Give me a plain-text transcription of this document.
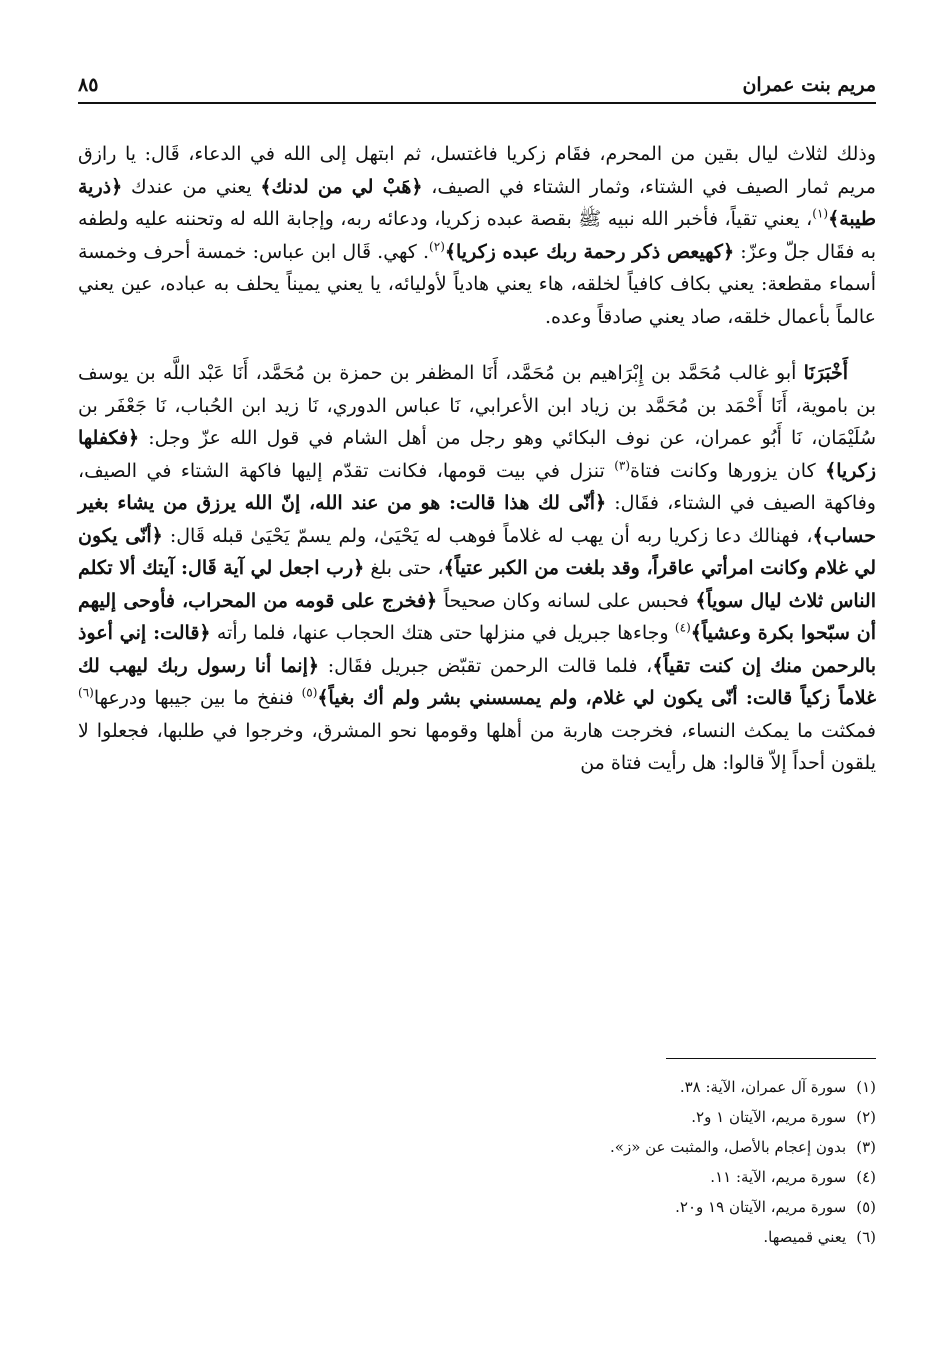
مريم بنت عمران
٨٥

وذلك لثلاث ليال بقين من المحرم، فقَام زكريا فاغتسل، ثم ابتهل إلى الله في الدعاء، قَال: يا رازق مريم ثمار الصيف في الشتاء، وثمار الشتاء في الصيف، ﴿هَبْ لي من لدنك﴾ يعني من عندك ﴿ذرية طيبة﴾$^{(١)}$، يعني تقياً، فأخبر الله نبيه ﷺ بقصة عبده زكريا، ودعائه ربه، وإجابة الله له وتحننه عليه ولطفه به فقَال جلّ وعزّ: ﴿كهيعص ذكر رحمة ربك عبده زكريا﴾$^{(٢)}$. كهي. قَال ابن عباس: خمسة أحرف وخمسة أسماء مقطعة: يعني بكاف كافياً لخلقه، هاء يعني هادياً لأوليائه، يا يعني يميناً يحلف به عباده، عين يعني عالماً بأعمال خلقه، صاد يعني صادقاً وعده.

أَخْبَرَنَا أبو غالب مُحَمَّد بن إِبْرَاهيم بن مُحَمَّد، أَنَا المظفر بن حمزة بن مُحَمَّد، أَنَا عَبْد اللَّه بن يوسف بن باموية، أَنَا أَحْمَد بن مُحَمَّد بن زياد ابن الأعرابي، نَا عباس الدوري، نَا زيد ابن الحُباب، نَا جَعْفَر بن سُلَيْمَان، نَا أَبُو عمران، عن نوف البكائي وهو رجل من أهل الشام في قول الله عزّ وجل: ﴿فكفلها زكريا﴾ كان يزورها وكانت فتاة$^{(٣)}$ تنزل في بيت قومها، فكانت تقدّم إليها فاكهة الشتاء في الصيف، وفاكهة الصيف في الشتاء، فقَال: ﴿أنّى لك هذا قالت: هو من عند الله، إنّ الله يرزق من يشاء بغير حساب﴾، فهنالك دعا زكريا ربه أن يهب له غلاماً فوهب له يَحْيَىٰ، ولم يسمّ يَحْيَىٰ قبله قَال: ﴿أنّى يكون لي غلام وكانت امرأتي عاقراً، وقد بلغت من الكبر عتياً﴾، حتى بلغ ﴿رب اجعل لي آية قَال: آيتك ألا تكلم الناس ثلاث ليال سوياً﴾ فحبس على لسانه وكان صحيحاً ﴿فخرج على قومه من المحراب، فأوحى إليهم أن سبّحوا بكرة وعشياً﴾$^{(٤)}$ وجاءها جبريل في منزلها حتى هتك الحجاب عنها، فلما رأته ﴿قالت: إني أعوذ بالرحمن منك إن كنت تقياً﴾، فلما قالت الرحمن تقبّض جبريل فقَال: ﴿إنما أنا رسول ربك ليهب لك غلاماً زكياً قالت: أنّى يكون لي غلام، ولم يمسسني بشر ولم أك بغياً﴾$^{(٥)}$ فنفخ ما بين جيبها ودرعها$^{(٦)}$ فمكثت ما يمكث النساء، فخرجت هاربة من أهلها وقومها نحو المشرق، وخرجوا في طلبها، فجعلوا لا يلقون أحداً إلاّ قالوا: هل رأيت فتاة من

(١)
سورة آل عمران، الآية: ٣٨.
(٢)
سورة مريم، الآيتان ١ و٢.
(٣)
بدون إعجام بالأصل، والمثبت عن «ز».
(٤)
سورة مريم، الآية: ١١.
(٥)
سورة مريم، الآيتان ١٩ و٢٠.
(٦)
يعني قميصها.
